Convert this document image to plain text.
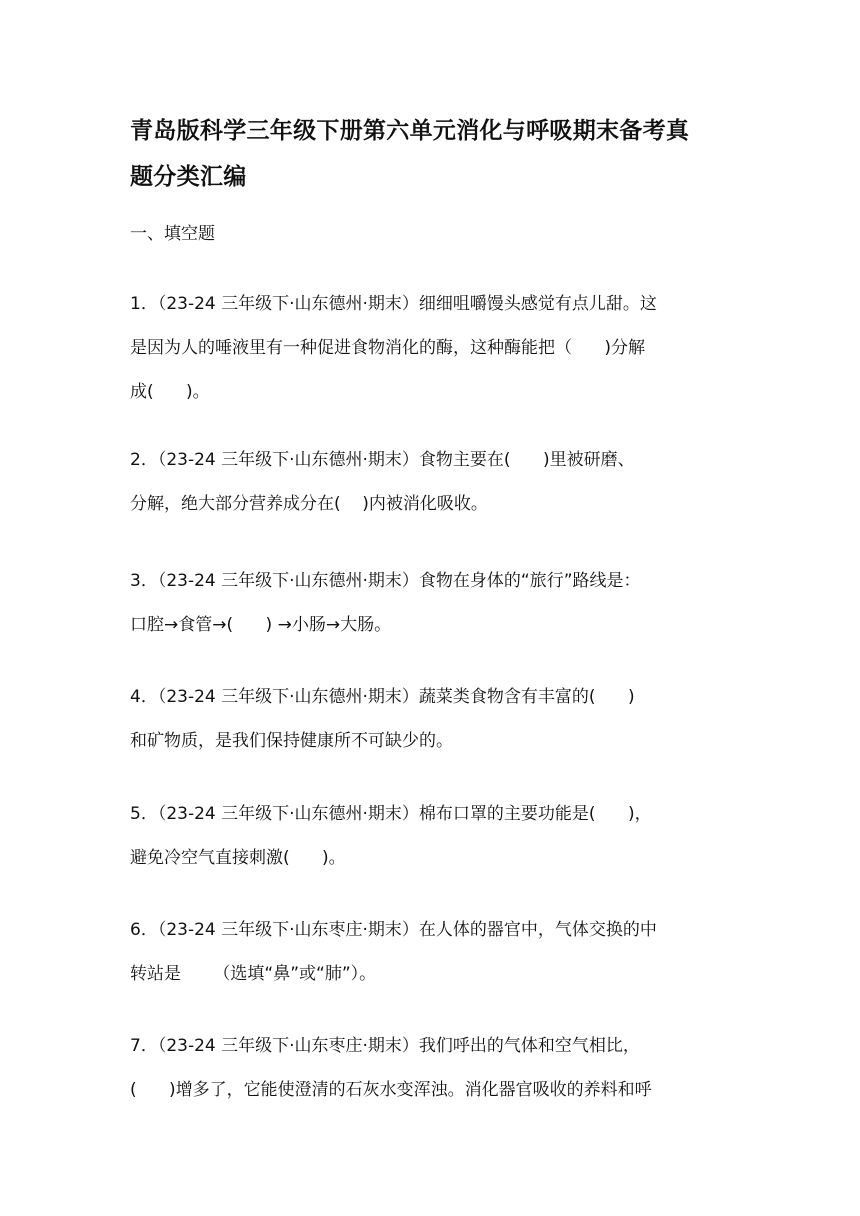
青岛版科学三年级下册第六单元消化与呼吸期末备考真
题分类汇编

一、填空题

1．（23-24 三年级下·山东德州·期末）细细咀嚼馒头感觉有点儿甜。这
是因为人的唾液里有一种促进食物消化的酶，这种酶能把（      )分解
成(      )。
2．（23-24 三年级下·山东德州·期末）食物主要在(      )里被研磨、
分解，绝大部分营养成分在(    )内被消化吸收。
3．（23-24 三年级下·山东德州·期末）食物在身体的“旅行”路线是：
口腔→食管→(      ) →小肠→大肠。
4．（23-24 三年级下·山东德州·期末）蔬菜类食物含有丰富的(      )
和矿物质，是我们保持健康所不可缺少的。
5．（23-24 三年级下·山东德州·期末）棉布口罩的主要功能是(      )，
避免冷空气直接刺激(      )。
6．（23-24 三年级下·山东枣庄·期末）在人体的器官中，气体交换的中
转站是      （选填“鼻”或“肺”）。
7．（23-24 三年级下·山东枣庄·期末）我们呼出的气体和空气相比，
(      )增多了，它能使澄清的石灰水变浑浊。消化器官吸收的养料和呼
